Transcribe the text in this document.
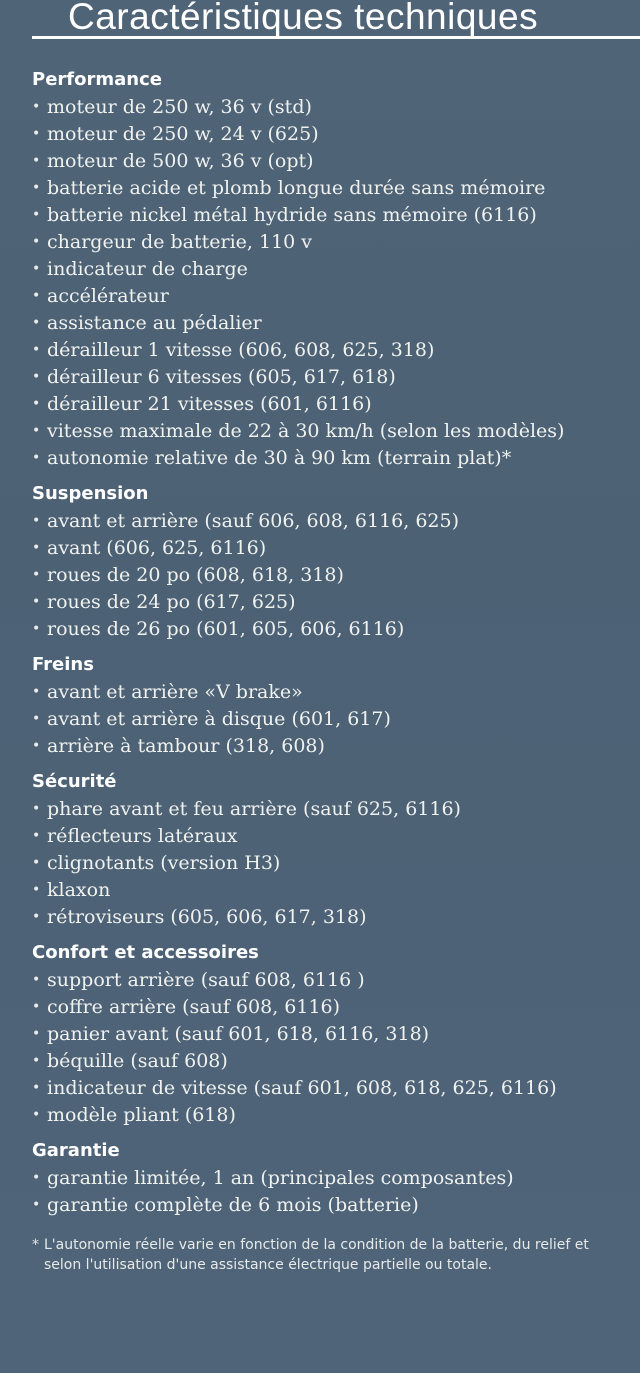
Caractéristiques techniques
Performance
• moteur de 250 w, 36 v (std)
• moteur de 250 w, 24 v (625)
• moteur de 500 w, 36 v (opt)
• batterie acide et plomb longue durée sans mémoire
• batterie nickel métal hydride sans mémoire (6116)
• chargeur de batterie, 110 v
• indicateur de charge
• accélérateur
• assistance au pédalier
• dérailleur 1 vitesse (606, 608, 625, 318)
• dérailleur 6 vitesses (605, 617, 618)
• dérailleur 21 vitesses (601, 6116)
• vitesse maximale de 22 à 30 km/h (selon les modèles)
• autonomie relative de 30 à 90 km (terrain plat)*
Suspension
• avant et arrière (sauf 606, 608, 6116, 625)
• avant (606, 625, 6116)
• roues de 20 po (608, 618, 318)
• roues de 24 po (617, 625)
• roues de 26 po (601, 605, 606, 6116)
Freins
• avant et arrière «V brake»
• avant et arrière à disque (601, 617)
• arrière à tambour (318, 608)
Sécurité
• phare avant et feu arrière (sauf 625, 6116)
• réflecteurs latéraux
• clignotants (version H3)
• klaxon
• rétroviseurs (605, 606, 617, 318)
Confort et accessoires
• support arrière (sauf 608, 6116 )
• coffre arrière (sauf 608, 6116)
• panier avant (sauf 601, 618, 6116, 318)
• béquille (sauf 608)
• indicateur de vitesse (sauf 601, 608, 618, 625, 6116)
• modèle pliant (618)
Garantie
• garantie limitée, 1 an (principales composantes)
• garantie complète de 6 mois (batterie)
* L'autonomie réelle varie en fonction de la condition de la batterie, du relief et selon l'utilisation d'une assistance électrique partielle ou totale.
